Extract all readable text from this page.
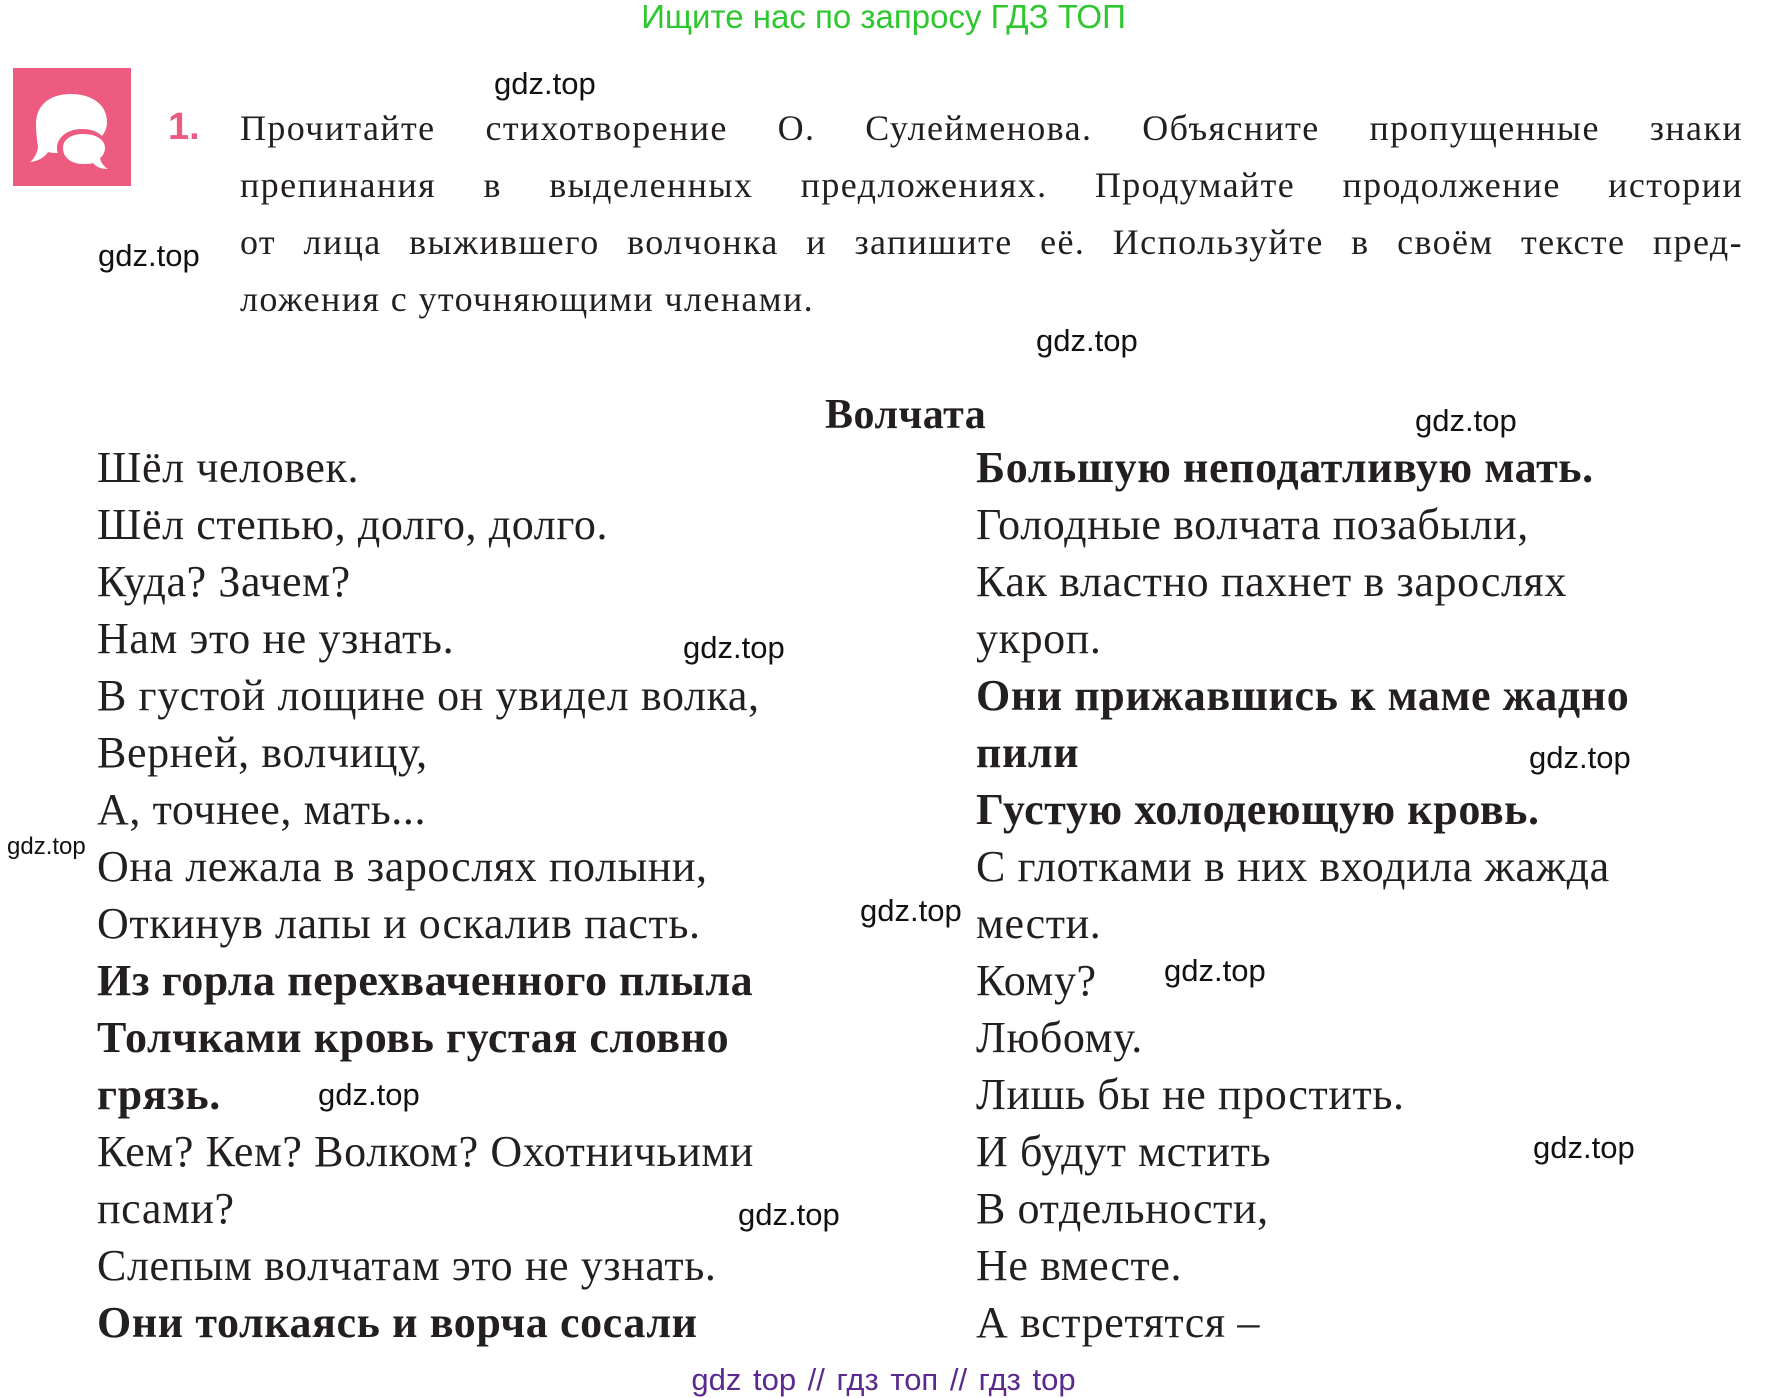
Ищите нас по запросу ГДЗ ТОП
1. Прочитайте стихотворение О. Сулейменова. Объясните пропущенные знаки
препинания в выделенных предложениях. Продумайте продолжение истории
от лица выжившего волчонка и запишите её. Используйте в своём тексте пред-
ложения с уточняющими членами.
Волчата
Шёл человек.
Шёл степью, долго, долго.
Куда? Зачем?
Нам это не узнать.
В густой лощине он увидел волка,
Верней, волчицу,
А, точнее, мать...
Она лежала в зарослях полыни,
Откинув лапы и оскалив пасть.
Из горла перехваченного плыла
Толчками кровь густая словно
грязь.
Кем? Кем? Волком? Охотничьими
псами?
Слепым волчатам это не узнать.
Они толкаясь и ворча сосали
Большую неподатливую мать.
Голодные волчата позабыли,
Как властно пахнет в зарослях
укроп.
Они прижавшись к маме жадно
пили
Густую холодеющую кровь.
С глотками в них входила жажда
мести.
Кому?
Любому.
Лишь бы не простить.
И будут мстить
В отдельности,
Не вместе.
А встретятся –
gdz.top
gdz.top
gdz.top
gdz.top
gdz.top
gdz.top
gdz.top
gdz.top
gdz.top
gdz.top
gdz.top
gdz.top
gdz top // гдз топ // гдз top
